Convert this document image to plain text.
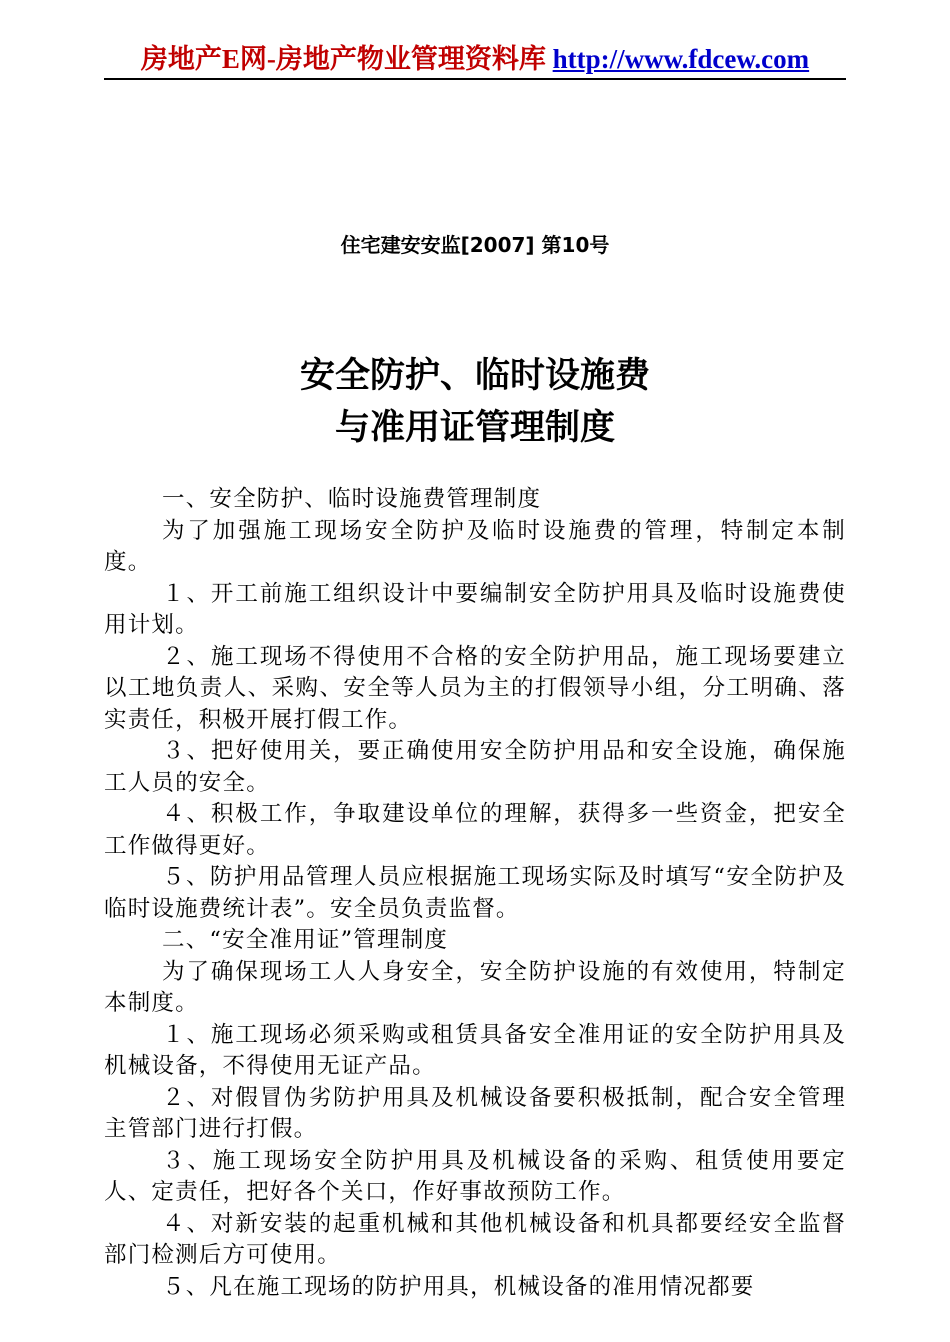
房地产E网-房地产物业管理资料库 http://www.fdcew.com
住宅建安安监[2007] 第10号
安全防护、临时设施费
与准用证管理制度

一、安全防护、临时设施费管理制度

为了加强施工现场安全防护及临时设施费的管理，特制定本制度。

１、开工前施工组织设计中要编制安全防护用具及临时设施费使用计划。

２、施工现场不得使用不合格的安全防护用品，施工现场要建立以工地负责人、采购、安全等人员为主的打假领导小组，分工明确、落实责任，积极开展打假工作。

３、把好使用关，要正确使用安全防护用品和安全设施，确保施工人员的安全。

４、积极工作，争取建设单位的理解，获得多一些资金，把安全工作做得更好。

５、防护用品管理人员应根据施工现场实际及时填写“安全防护及临时设施费统计表”。安全员负责监督。

二、“安全准用证”管理制度

为了确保现场工人人身安全，安全防护设施的有效使用，特制定本制度。

１、施工现场必须采购或租赁具备安全准用证的安全防护用具及机械设备，不得使用无证产品。

２、对假冒伪劣防护用具及机械设备要积极抵制，配合安全管理主管部门进行打假。

３、施工现场安全防护用具及机械设备的采购、租赁使用要定人、定责任，把好各个关口，作好事故预防工作。

４、对新安装的起重机械和其他机械设备和机具都要经安全监督部门检测后方可使用。

５、凡在施工现场的防护用具，机械设备的准用情况都要
